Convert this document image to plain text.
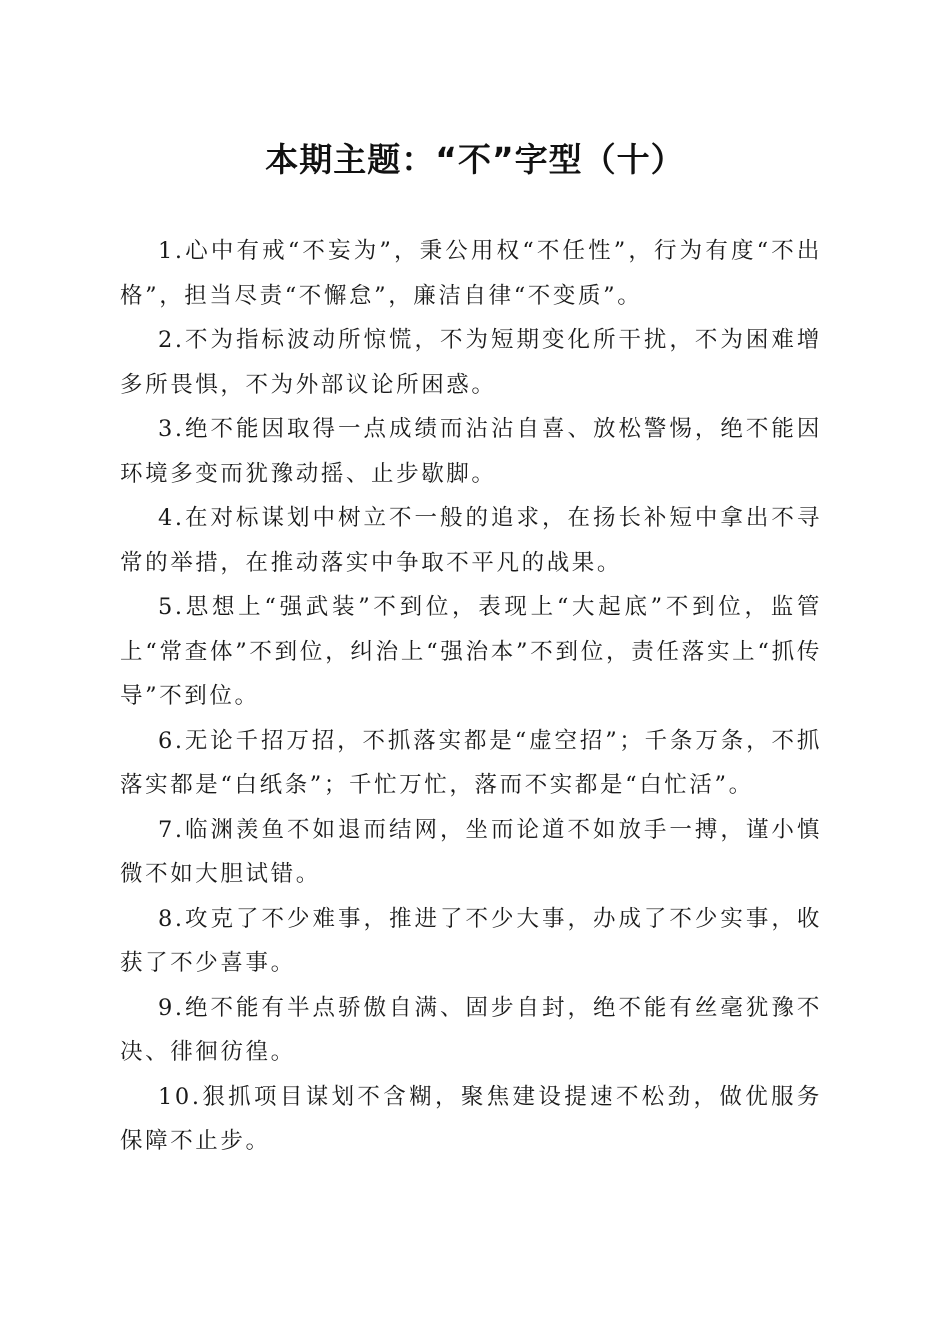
本期主题：“不”字型（十）

1.心中有戒“不妄为”，秉公用权“不任性”，行为有度“不出格”，担当尽责“不懈怠”，廉洁自律“不变质”。

2.不为指标波动所惊慌，不为短期变化所干扰，不为困难增多所畏惧，不为外部议论所困惑。

3.绝不能因取得一点成绩而沾沾自喜、放松警惕，绝不能因环境多变而犹豫动摇、止步歇脚。

4.在对标谋划中树立不一般的追求，在扬长补短中拿出不寻常的举措，在推动落实中争取不平凡的战果。

5.思想上“强武装”不到位，表现上“大起底”不到位，监管上“常查体”不到位，纠治上“强治本”不到位，责任落实上“抓传导”不到位。

6.无论千招万招，不抓落实都是“虚空招”；千条万条，不抓落实都是“白纸条”；千忙万忙，落而不实都是“白忙活”。

7.临渊羡鱼不如退而结网，坐而论道不如放手一搏，谨小慎微不如大胆试错。

8.攻克了不少难事，推进了不少大事，办成了不少实事，收获了不少喜事。

9.绝不能有半点骄傲自满、固步自封，绝不能有丝毫犹豫不决、徘徊彷徨。

10.狠抓项目谋划不含糊，聚焦建设提速不松劲，做优服务保障不止步。
